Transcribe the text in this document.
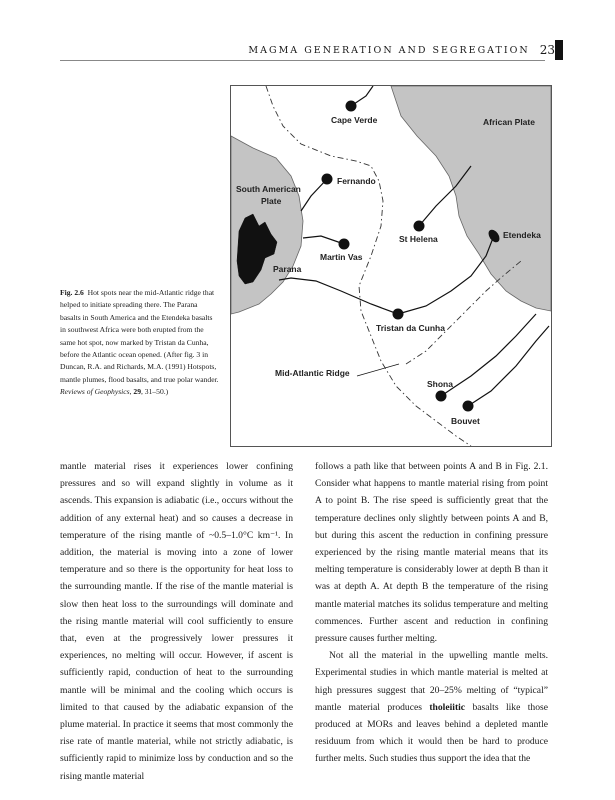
MAGMA GENERATION AND SEGREGATION 23
Cape Verde	African Plate
Fernando
South American
Plate
St Helena	Etendeka
Martin Vas
Parana
Tristan da Cunha
Mid-Atlantic Ridge
Shona
Bouvet
Fig. 2.6 Hot spots near the mid-Atlantic ridge that helped to initiate spreading there. The Parana basalts in South America and the Etendeka basalts in southwest Africa were both erupted from the same hot spot, now marked by Tristan da Cunha, before the Atlantic ocean opened. (After fig. 3 in Duncan, R.A. and Richards, M.A. (1991) Hotspots, mantle plumes, flood basalts, and true polar wander. Reviews of Geophysics, 29, 31–50.)

mantle material rises it experiences lower confining pressures and so will expand slightly in volume as it ascends. This expansion is adiabatic (i.e., occurs without the addition of any external heat) and so causes a decrease in temperature of the rising mantle of ~0.5–1.0°C km⁻¹. In addition, the material is moving into a zone of lower temperature and so there is the opportunity for heat loss to the surrounding mantle. If the rise of the mantle material is slow then heat loss to the surroundings will dominate and the rising mantle material will cool sufficiently to ensure that, even at the progressively lower pressures it experiences, no melting will occur. However, if ascent is sufficiently rapid, conduction of heat to the surrounding mantle will be minimal and the cooling which occurs is limited to that caused by the adiabatic expansion of the plume material. In practice it seems that most commonly the rise rate of mantle material, while not strictly adiabatic, is sufficiently rapid to minimize loss by conduction and so the rising mantle material

follows a path like that between points A and B in Fig. 2.1. Consider what happens to mantle material rising from point A to point B. The rise speed is sufficiently great that the temperature declines only slightly between points A and B, but during this ascent the reduction in confining pressure experienced by the rising mantle material means that its melting temperature is considerably lower at depth B than it was at depth A. At depth B the temperature of the rising mantle material matches its solidus temperature and melting commences. Further ascent and reduction in confining pressure causes further melting.

Not all the material in the upwelling mantle melts. Experimental studies in which mantle material is melted at high pressures suggest that 20–25% melting of “typical” mantle material produces tholeiitic basalts like those produced at MORs and leaves behind a depleted mantle residuum from which it would then be hard to produce further melts. Such studies thus support the idea that the
